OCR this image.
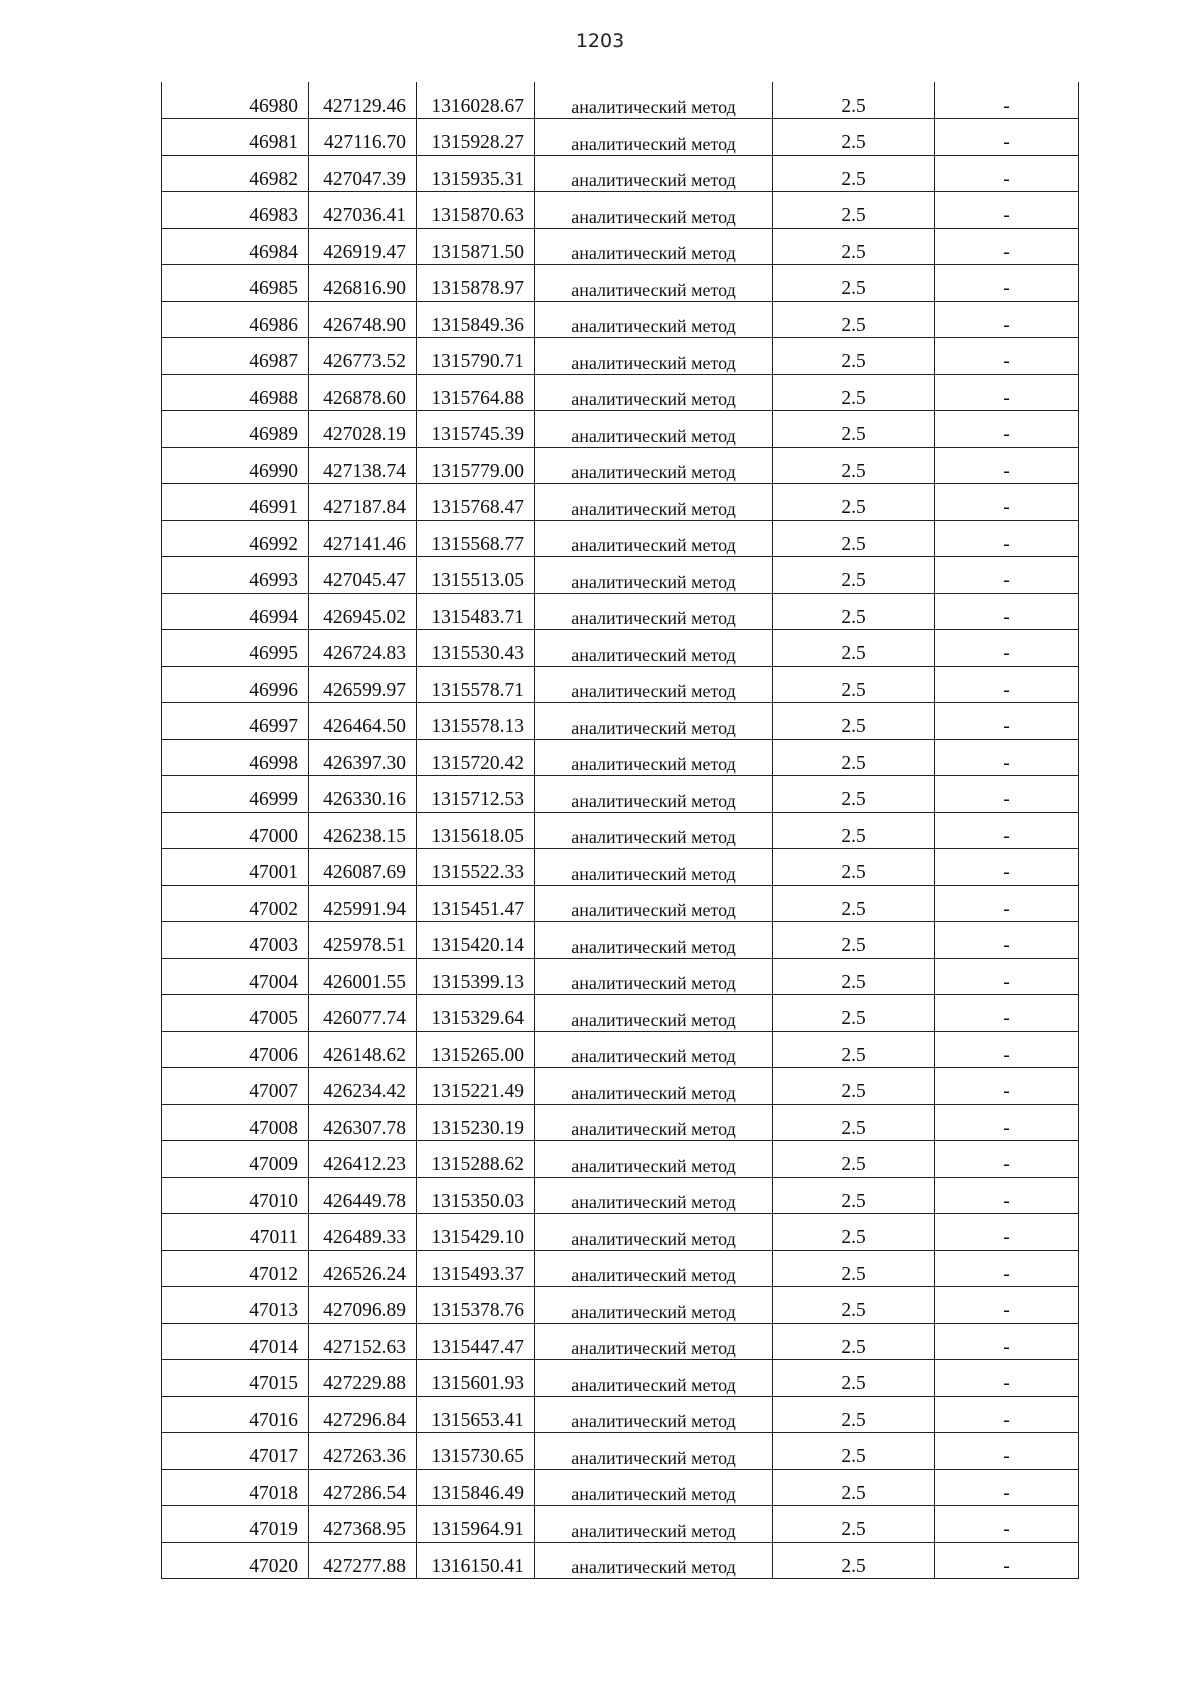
1203
46980	427129.46	1316028.67	аналитический метод	2.5	-
46981	427116.70	1315928.27	аналитический метод	2.5	-
46982	427047.39	1315935.31	аналитический метод	2.5	-
46983	427036.41	1315870.63	аналитический метод	2.5	-
46984	426919.47	1315871.50	аналитический метод	2.5	-
46985	426816.90	1315878.97	аналитический метод	2.5	-
46986	426748.90	1315849.36	аналитический метод	2.5	-
46987	426773.52	1315790.71	аналитический метод	2.5	-
46988	426878.60	1315764.88	аналитический метод	2.5	-
46989	427028.19	1315745.39	аналитический метод	2.5	-
46990	427138.74	1315779.00	аналитический метод	2.5	-
46991	427187.84	1315768.47	аналитический метод	2.5	-
46992	427141.46	1315568.77	аналитический метод	2.5	-
46993	427045.47	1315513.05	аналитический метод	2.5	-
46994	426945.02	1315483.71	аналитический метод	2.5	-
46995	426724.83	1315530.43	аналитический метод	2.5	-
46996	426599.97	1315578.71	аналитический метод	2.5	-
46997	426464.50	1315578.13	аналитический метод	2.5	-
46998	426397.30	1315720.42	аналитический метод	2.5	-
46999	426330.16	1315712.53	аналитический метод	2.5	-
47000	426238.15	1315618.05	аналитический метод	2.5	-
47001	426087.69	1315522.33	аналитический метод	2.5	-
47002	425991.94	1315451.47	аналитический метод	2.5	-
47003	425978.51	1315420.14	аналитический метод	2.5	-
47004	426001.55	1315399.13	аналитический метод	2.5	-
47005	426077.74	1315329.64	аналитический метод	2.5	-
47006	426148.62	1315265.00	аналитический метод	2.5	-
47007	426234.42	1315221.49	аналитический метод	2.5	-
47008	426307.78	1315230.19	аналитический метод	2.5	-
47009	426412.23	1315288.62	аналитический метод	2.5	-
47010	426449.78	1315350.03	аналитический метод	2.5	-
47011	426489.33	1315429.10	аналитический метод	2.5	-
47012	426526.24	1315493.37	аналитический метод	2.5	-
47013	427096.89	1315378.76	аналитический метод	2.5	-
47014	427152.63	1315447.47	аналитический метод	2.5	-
47015	427229.88	1315601.93	аналитический метод	2.5	-
47016	427296.84	1315653.41	аналитический метод	2.5	-
47017	427263.36	1315730.65	аналитический метод	2.5	-
47018	427286.54	1315846.49	аналитический метод	2.5	-
47019	427368.95	1315964.91	аналитический метод	2.5	-
47020	427277.88	1316150.41	аналитический метод	2.5	-
